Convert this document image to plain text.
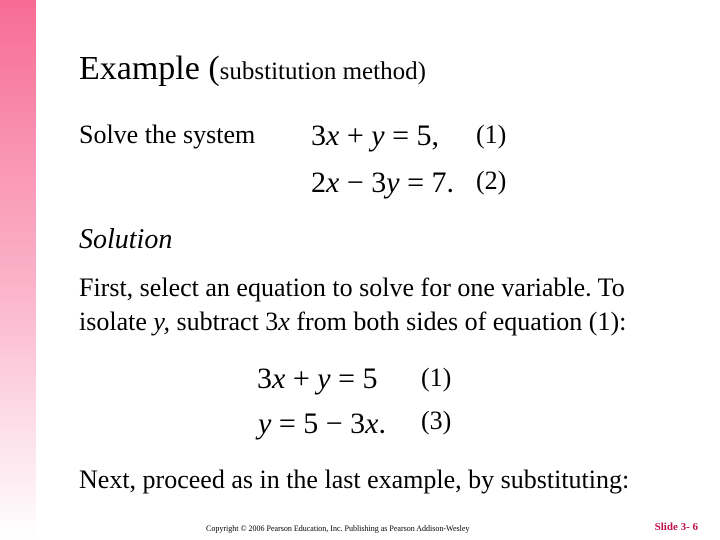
Example (substitution method)
Solve the system 3x + y = 5, (1)
2x − 3y = 7. (2)
Solution
First, select an equation to solve for one variable. To
isolate y, subtract 3x from both sides of equation (1):
3x + y = 5 (1)
y = 5 − 3x. (3)
Next, proceed as in the last example, by substituting:
Copyright © 2006 Pearson Education, Inc. Publishing as Pearson Addison-Wesley	Slide 3- 6
